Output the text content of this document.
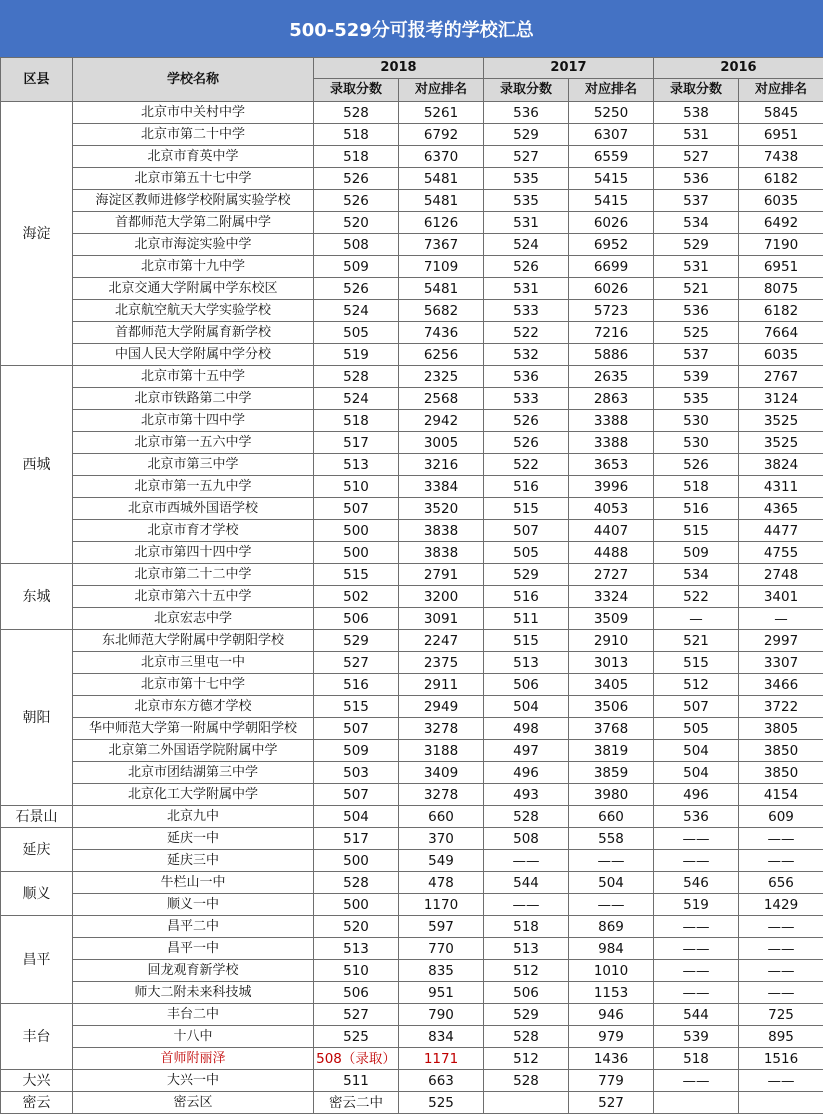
500-529分可报考的学校汇总
区县	学校名称	2018		2017		2016	
		录取分数	对应排名	录取分数	对应排名	录取分数	对应排名
海淀	北京市中关村中学	528	5261	536	5250	538	5845
	北京市第二十中学	518	6792	529	6307	531	6951
	北京市育英中学	518	6370	527	6559	527	7438
	北京市第五十七中学	526	5481	535	5415	536	6182
	海淀区教师进修学校附属实验学校	526	5481	535	5415	537	6035
	首都师范大学第二附属中学	520	6126	531	6026	534	6492
	北京市海淀实验中学	508	7367	524	6952	529	7190
	北京市第十九中学	509	7109	526	6699	531	6951
	北京交通大学附属中学东校区	526	5481	531	6026	521	8075
	北京航空航天大学实验学校	524	5682	533	5723	536	6182
	首都师范大学附属育新学校	505	7436	522	7216	525	7664
	中国人民大学附属中学分校	519	6256	532	5886	537	6035
西城	北京市第十五中学	528	2325	536	2635	539	2767
	北京市铁路第二中学	524	2568	533	2863	535	3124
	北京市第十四中学	518	2942	526	3388	530	3525
	北京市第一五六中学	517	3005	526	3388	530	3525
	北京市第三中学	513	3216	522	3653	526	3824
	北京市第一五九中学	510	3384	516	3996	518	4311
	北京市西城外国语学校	507	3520	515	4053	516	4365
	北京市育才学校	500	3838	507	4407	515	4477
	北京市第四十四中学	500	3838	505	4488	509	4755
东城	北京市第二十二中学	515	2791	529	2727	534	2748
	北京市第六十五中学	502	3200	516	3324	522	3401
	北京宏志中学	506	3091	511	3509	—	—
朝阳	东北师范大学附属中学朝阳学校	529	2247	515	2910	521	2997
	北京市三里屯一中	527	2375	513	3013	515	3307
	北京市第十七中学	516	2911	506	3405	512	3466
	北京市东方德才学校	515	2949	504	3506	507	3722
	华中师范大学第一附属中学朝阳学校	507	3278	498	3768	505	3805
	北京第二外国语学院附属中学	509	3188	497	3819	504	3850
	北京市团结湖第三中学	503	3409	496	3859	504	3850
	北京化工大学附属中学	507	3278	493	3980	496	4154
石景山	北京九中	504	660	528	660	536	609
延庆	延庆一中	517	370	508	558	——	——
	延庆三中	500	549	——	——	——	——
顺义	牛栏山一中	528	478	544	504	546	656
	顺义一中	500	1170	——	——	519	1429
昌平	昌平二中	520	597	518	869	——	——
	昌平一中	513	770	513	984	——	——
	回龙观育新学校	510	835	512	1010	——	——
	师大二附未来科技城	506	951	506	1153	——	——
丰台	丰台二中	527	790	529	946	544	725
	十八中	525	834	528	979	539	895
	首师附丽泽	508（录取）	1171	512	1436	518	1516
大兴	大兴一中	511	663	528	779	——	——
密云	密云区	密云二中	525		527		
